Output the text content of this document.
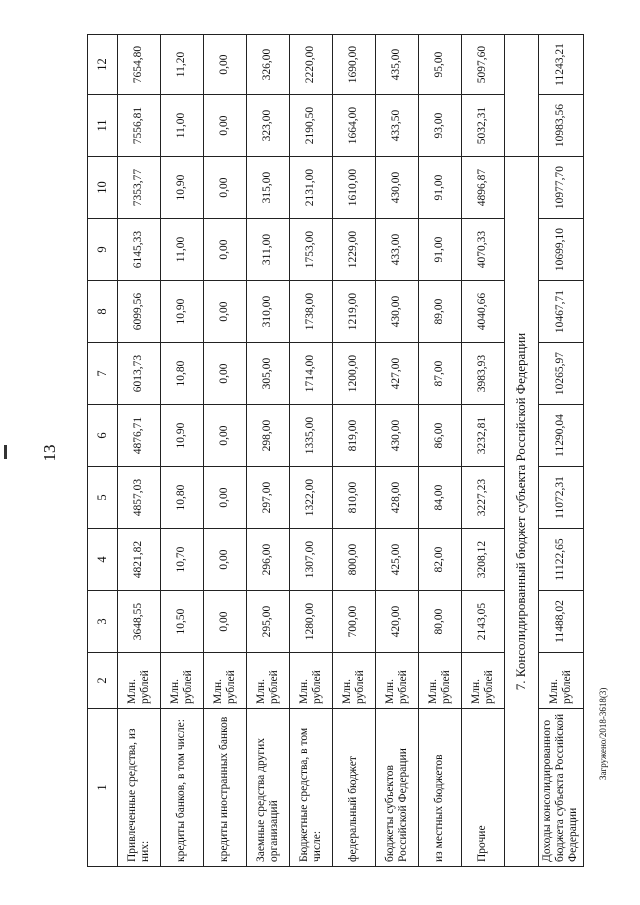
13
1	2	3	4	5	6	7	8	9	10	11	12
Привлеченные средства, из них:	Млн. рублей	3648,55	4821,82	4857,03	4876,71	6013,73	6099,56	6145,33	7353,77	7556,81	7654,80
кредиты банков, в том числе:	Млн. рублей	10,50	10,70	10,80	10,90	10,80	10,90	11,00	10,90	11,00	11,20
кредиты иностранных банков	Млн. рублей	0,00	0,00	0,00	0,00	0,00	0,00	0,00	0,00	0,00	0,00
Заемные средства других организаций	Млн. рублей	295,00	296,00	297,00	298,00	305,00	310,00	311,00	315,00	323,00	326,00
Бюджетные средства, в том числе:	Млн. рублей	1280,00	1307,00	1322,00	1335,00	1714,00	1738,00	1753,00	2131,00	2190,50	2220,00
федеральный бюджет	Млн. рублей	700,00	800,00	810,00	819,00	1200,00	1219,00	1229,00	1610,00	1664,00	1690,00
бюджеты субъектов Российской Федерации	Млн. рублей	420,00	425,00	428,00	430,00	427,00	430,00	433,00	430,00	433,50	435,00
из местных бюджетов	Млн. рублей	80,00	82,00	84,00	86,00	87,00	89,00	91,00	91,00	93,00	95,00
Прочие	Млн. рублей	2143,05	3208,12	3227,23	3232,81	3983,93	4040,66	4070,33	4896,87	5032,31	5097,60
7. Консолидированный бюджет субъекта Российской Федерации											
Доходы консолидированного бюджета субъекта Российской Федерации	Млн. рублей	11488,02	11122,65	11072,31	11290,04	10265,97	10467,71	10699,10	10977,70	10983,56	11243,21
Загружено/2018-3618(3)
